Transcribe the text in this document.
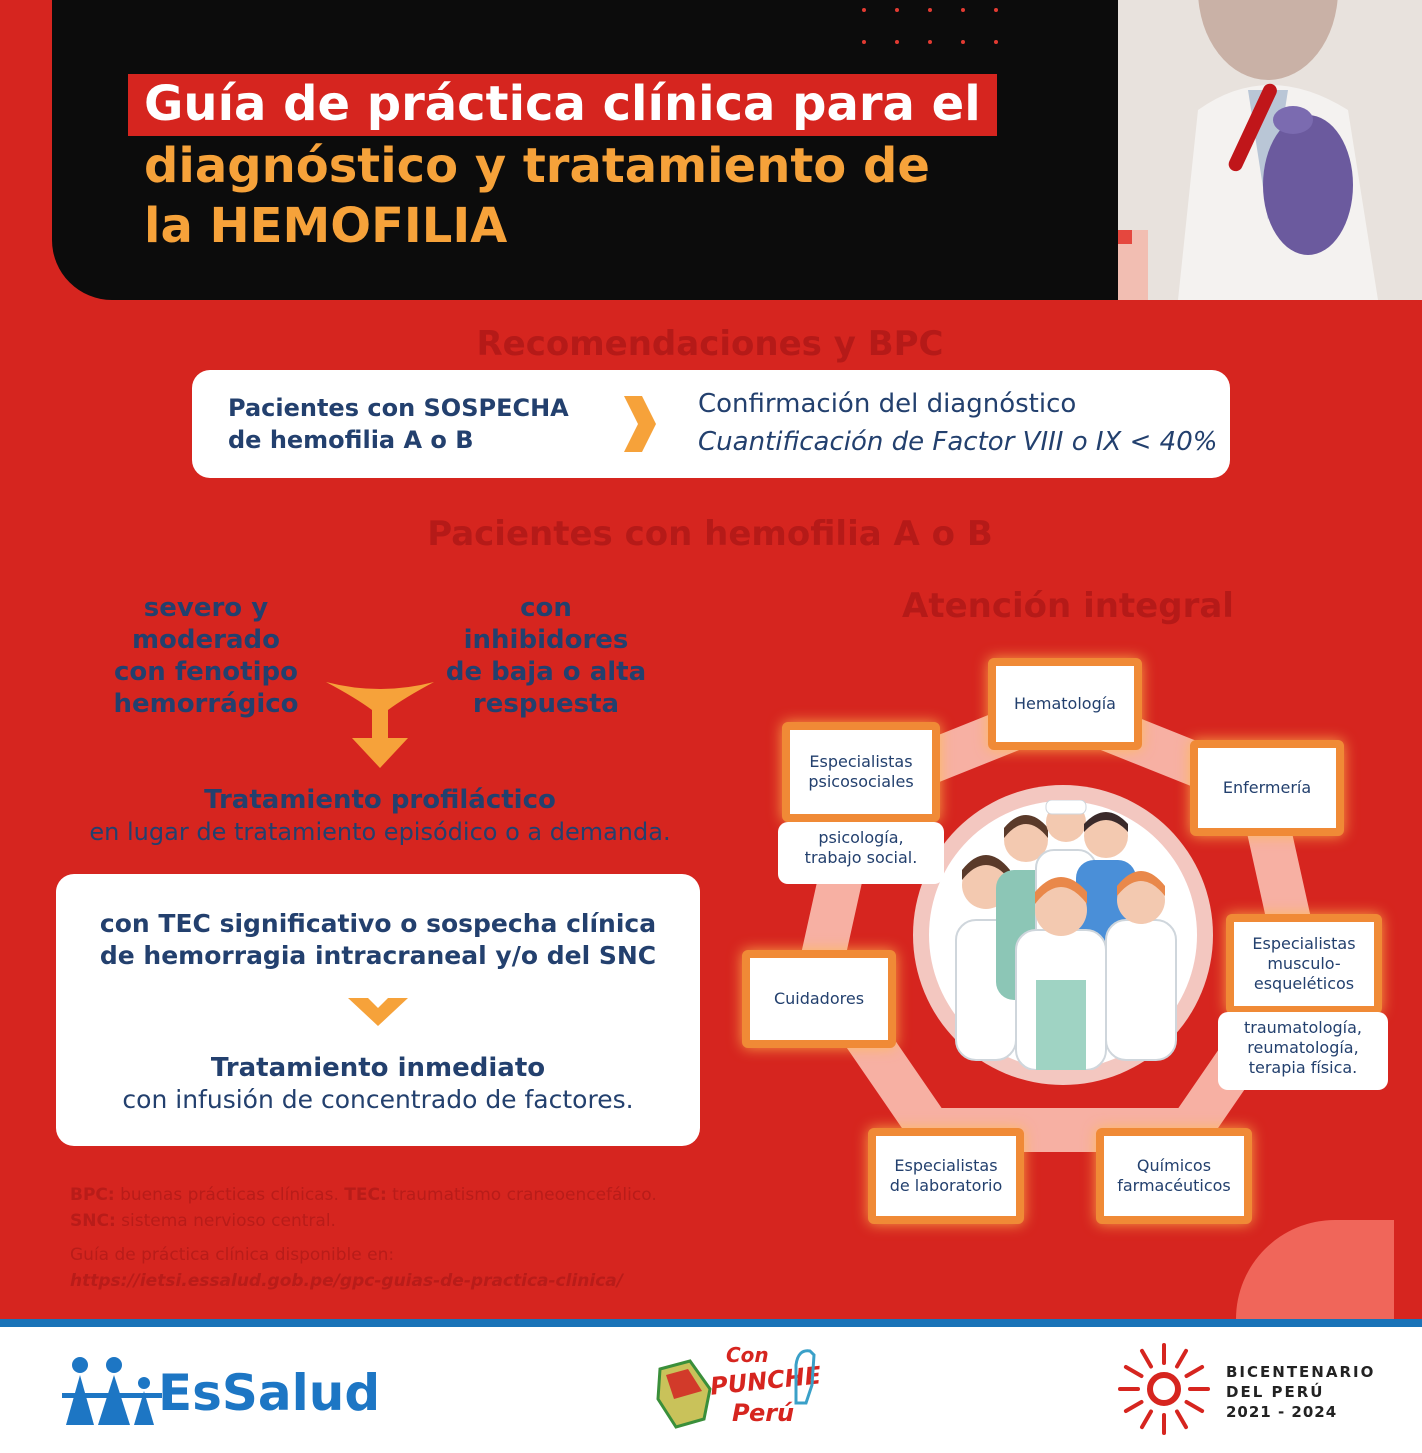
Guía de práctica clínica para el
diagnóstico y tratamiento de
la HEMOFILIA
Recomendaciones y BPC
Pacientes con SOSPECHA
de hemofilia A o B
Confirmación del diagnóstico
Cuantificación de Factor VIII o IX < 40%
Pacientes con hemofilia A o B
severo y
moderado
con fenotipo
hemorrágico
con
inhibidores
de baja o alta
respuesta
Tratamiento profiláctico
en lugar de tratamiento episódico o a demanda.
con TEC significativo o sospecha clínica
de hemorragia intracraneal y/o del SNC
Tratamiento inmediato
con infusión de concentrado de factores.
Atención integral
Hematología
Enfermería
Especialistas
psicosociales
psicología,
trabajo social.
Especialistas
musculo-
esqueléticos
traumatología,
reumatología,
terapia física.
Cuidadores
Especialistas
de laboratorio
Químicos
farmacéuticos
BPC: buenas prácticas clínicas. TEC: traumatismo craneoencefálico.
SNC: sistema nervioso central.
Guía de práctica clínica disponible en:
https://ietsi.essalud.gob.pe/gpc-guias-de-practica-clinica/
EsSalud
Con
PUNCHE
Perú
BICENTENARIO
DEL PERÚ
2021 - 2024
